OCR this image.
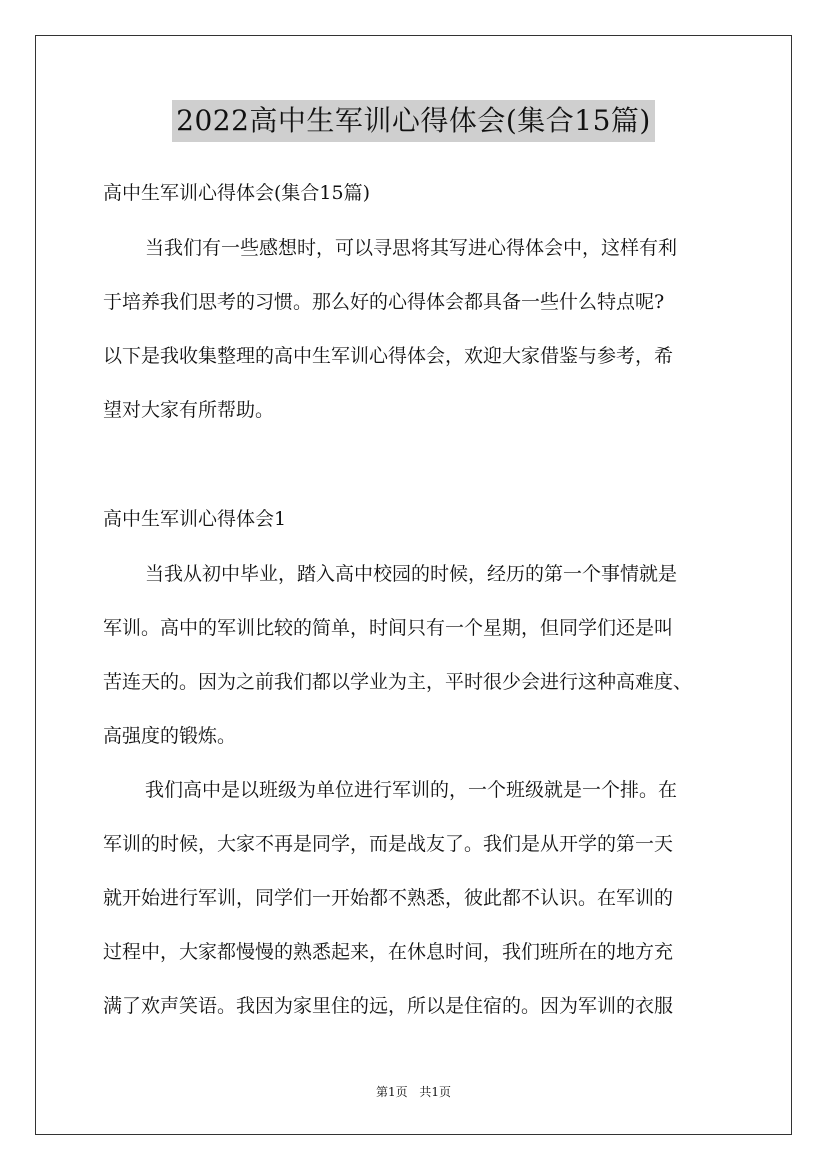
2022高中生军训心得体会(集合15篇)
高中生军训心得体会(集合15篇)
当我们有一些感想时，可以寻思将其写进心得体会中，这样有利
于培养我们思考的习惯。那么好的心得体会都具备一些什么特点呢?
以下是我收集整理的高中生军训心得体会，欢迎大家借鉴与参考，希
望对大家有所帮助。
高中生军训心得体会1
当我从初中毕业，踏入高中校园的时候，经历的第一个事情就是
军训。高中的军训比较的简单，时间只有一个星期，但同学们还是叫
苦连天的。因为之前我们都以学业为主，平时很少会进行这种高难度、
高强度的锻炼。
我们高中是以班级为单位进行军训的，一个班级就是一个排。在
军训的时候，大家不再是同学，而是战友了。我们是从开学的第一天
就开始进行军训，同学们一开始都不熟悉，彼此都不认识。在军训的
过程中，大家都慢慢的熟悉起来，在休息时间，我们班所在的地方充
满了欢声笑语。我因为家里住的远，所以是住宿的。因为军训的衣服
第1页 共1页
